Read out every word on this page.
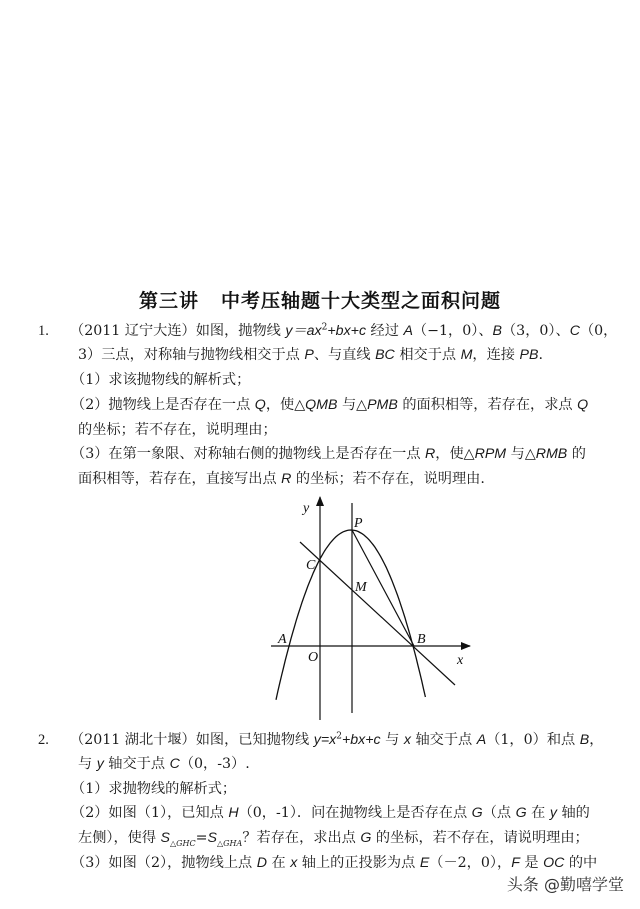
第三讲 中考压轴题十大类型之面积问题
1. （2011 辽宁大连）如图，抛物线 $y=ax^2+bx+c$ 经过 A（−1，0）、B（3，0）、C（0，
3）三点，对称轴与抛物线相交于点 P、与直线 BC 相交于点 M，连接 PB.
（1）求该抛物线的解析式；
（2）抛物线上是否存在一点 Q，使△QMB 与△PMB 的面积相等，若存在，求点 Q
的坐标；若不存在，说明理由；
（3）在第一象限、对称轴右侧的抛物线上是否存在一点 R，使△RPM 与△RMB 的
面积相等，若存在，直接写出点 R 的坐标；若不存在，说明理由.
y
x
O
A	B
C
P
M
2. （2011 湖北十堰）如图，已知抛物线 $y=x^2+bx+c$ 与 x 轴交于点 A（1，0）和点 B，
与 y 轴交于点 C（0，-3）.
（1）求抛物线的解析式；
（2）如图（1），已知点 H（0，-1）．问在抛物线上是否存在点 G（点 G 在 y 轴的
左侧），使得 $S_{\triangle GHC}=S_{\triangle GHA}$？若存在，求出点 G 的坐标，若不存在，请说明理由；
（3）如图（2），抛物线上点 D 在 x 轴上的正投影为点 E（－2，0），F 是 OC 的中
头条 @勤嘻学堂
